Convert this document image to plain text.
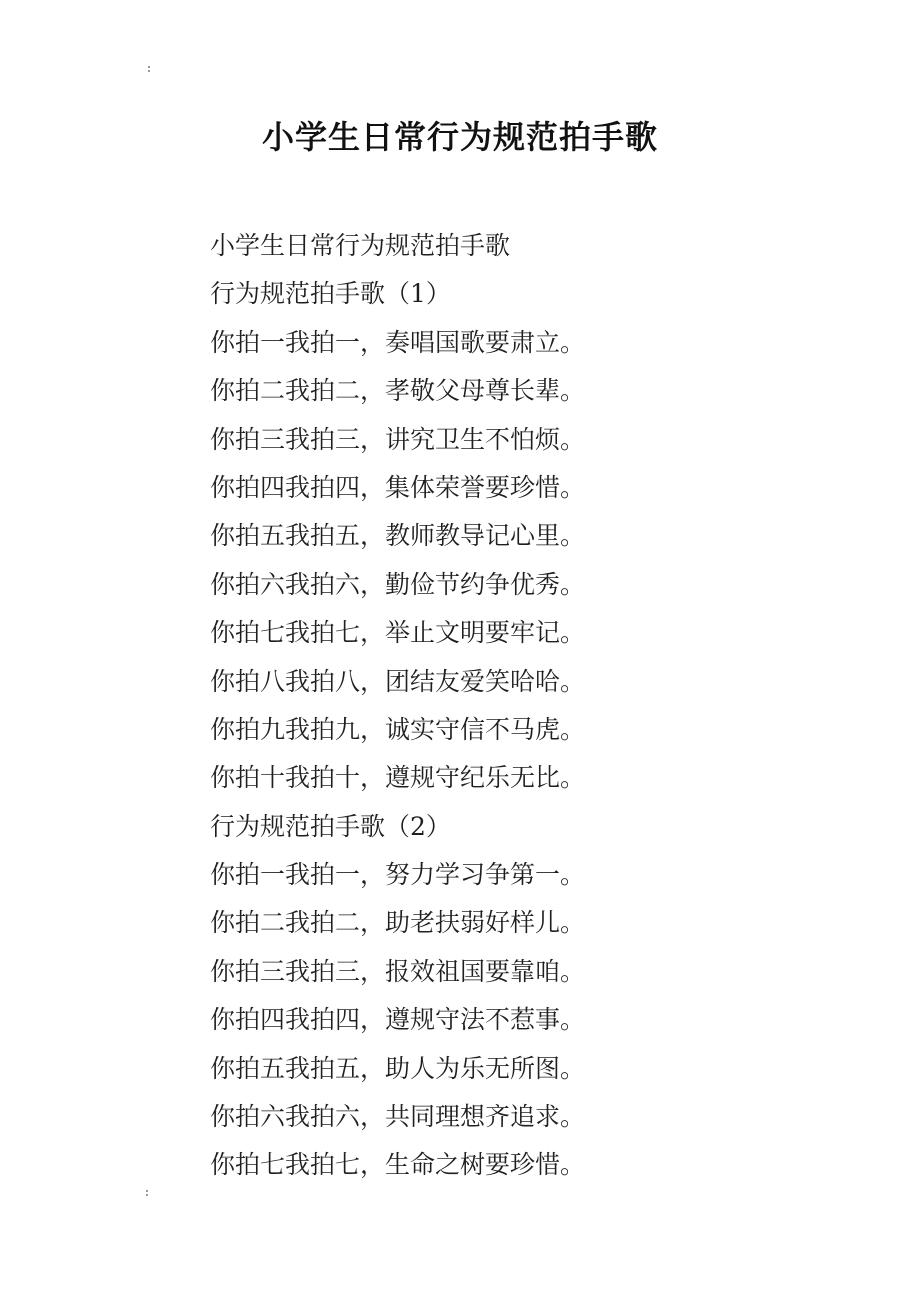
小学生日常行为规范拍手歌
小学生日常行为规范拍手歌
行为规范拍手歌（1）
你拍一我拍一，奏唱国歌要肃立。
你拍二我拍二，孝敬父母尊长辈。
你拍三我拍三，讲究卫生不怕烦。
你拍四我拍四，集体荣誉要珍惜。
你拍五我拍五，教师教导记心里。
你拍六我拍六，勤俭节约争优秀。
你拍七我拍七，举止文明要牢记。
你拍八我拍八，团结友爱笑哈哈。
你拍九我拍九，诚实守信不马虎。
你拍十我拍十，遵规守纪乐无比。
行为规范拍手歌（2）
你拍一我拍一，努力学习争第一。
你拍二我拍二，助老扶弱好样儿。
你拍三我拍三，报效祖国要靠咱。
你拍四我拍四，遵规守法不惹事。
你拍五我拍五，助人为乐无所图。
你拍六我拍六，共同理想齐追求。
你拍七我拍七，生命之树要珍惜。
